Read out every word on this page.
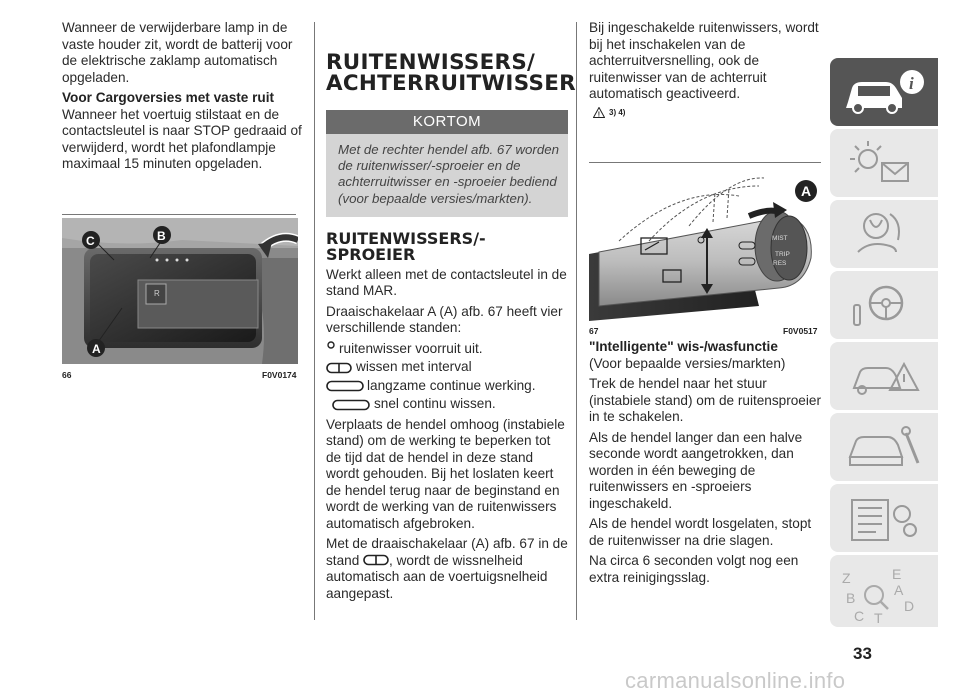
Wanneer de verwijderbare lamp in de vaste houder zit, wordt de batterij voor de elektrische zaklamp automatisch opgeladen.

Voor Cargoversies met vaste ruit

Wanneer het voertuig stilstaat en de contactsleutel is naar STOP gedraaid of verwijderd, wordt het plafondlampje maximaal 15 minuten opgeladen.

R
A
B
C
66	F0V0174

RUITENWISSERS/

ACHTERRUITWISSER

KORTOM
Met de rechter hendel afb. 67 worden de ruitenwisser/-sproeier en de achterruitwisser en -sproeier bediend (voor bepaalde versies/markten).

RUITENWISSERS/-

SPROEIER

Werkt alleen met de contactsleutel in de stand MAR.

Draaischakelaar A (A) afb. 67 heeft vier verschillende standen:

ruitenwisser voorruit uit.
wissen met interval
langzame continue werking.
snel continu wissen.

Verplaats de hendel omhoog (instabiele stand) om de werking te beperken tot de tijd dat de hendel in deze stand wordt gehouden. Bij het loslaten keert de hendel terug naar de beginstand en wordt de werking van de ruitenwissers automatisch afgebroken.

Met de draaischakelaar (A) afb. 67 in de stand , wordt de wissnelheid automatisch aan de voertuigsnelheid aangepast.

Bij ingeschakelde ruitenwissers, wordt bij het inschakelen van de achterruitversnelling, ook de ruitenwisser van de achterruit automatisch geactiveerd.

! 3) 4)
MIST
TRIP
RES
A
67	F0V0517

"Intelligente" wis-/wasfunctie

(Voor bepaalde versies/markten)

Trek de hendel naar het stuur (instabiele stand) om de ruitensproeier in te schakelen.

Als de hendel langer dan een halve seconde wordt aangetrokken, dan worden in één beweging de ruitenwissers en -sproeiers ingeschakeld.

Als de hendel wordt losgelaten, stopt de ruitenwisser na drie slagen.

Na circa 6 seconden volgt nog een extra reinigingsslag.

i
Z	E
A
B
C T
D
33
carmanualsonline.info
